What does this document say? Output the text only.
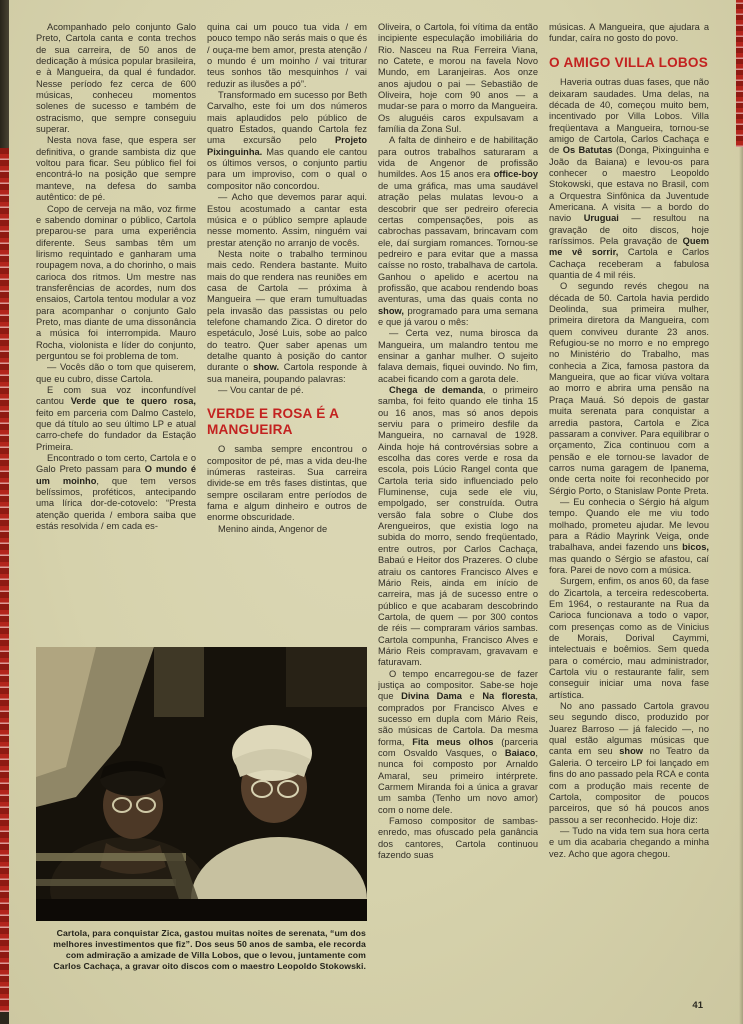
Acompanhado pelo conjunto Galo Preto, Cartola canta e conta trechos de sua carreira, de 50 anos de dedicação à música popular brasileira, e à Mangueira, da qual é fundador. Nesse período fez cerca de 600 músicas, conheceu momentos solenes de sucesso e também de ostracismo, que sempre conseguiu superar.

Nesta nova fase, que espera ser definitiva, o grande sambista diz que voltou para ficar. Seu público fiel foi encontrá-lo na posição que sempre manteve, na defesa do samba autêntico: de pé.

Copo de cerveja na mão, voz firme e sabendo dominar o público, Cartola preparou-se para uma experiência diferente. Seus sambas têm um lirismo requintado e ganharam uma roupagem nova, a do chorinho, o mais carioca dos ritmos. Um mestre nas transferências de acordes, num dos ensaios, Cartola tentou modular a voz para acompanhar o conjunto Galo Preto, mas diante de uma dissonância a música foi interrompida. Mauro Rocha, violonista e líder do conjunto, perguntou se foi problema de tom.

— Vocês dão o tom que quiserem, que eu cubro, disse Cartola.

E com sua voz inconfundível cantou Verde que te quero rosa, feito em parceria com Dalmo Castelo, que dá título ao seu último LP e atual carro-chefe do fundador da Estação Primeira.

Encontrado o tom certo, Cartola e o Galo Preto passam para O mundo é um moinho, que tem versos belíssimos, proféticos, antecipando uma lírica dor-de-cotovelo: “Presta atenção querida / embora saiba que estás resolvida / em cada es-

quina cai um pouco tua vida / em pouco tempo não serás mais o que és / ouça-me bem amor, presta atenção / o mundo é um moinho / vai triturar teus sonhos tão mesquinhos / vai reduzir as ilusões a pó”.

Transformado em sucesso por Beth Carvalho, este foi um dos números mais aplaudidos pelo público de quatro Estados, quando Cartola fez uma excursão pelo Projeto Pixinguinha. Mas quando ele cantou os últimos versos, o conjunto partiu para um improviso, com o qual o compositor não concordou.

— Acho que devemos parar aqui. Estou acostumado a cantar esta música e o público sempre aplaude nesse momento. Assim, ninguém vai prestar atenção no arranjo de vocês.

Nesta noite o trabalho terminou mais cedo. Rendera bastante. Muito mais do que rendera nas reuniões em casa de Cartola — próxima à Mangueira — que eram tumultuadas pela invasão das passistas ou pelo telefone chamando Zica. O diretor do espetáculo, José Luis, sobe ao palco do teatro. Quer saber apenas um detalhe quanto à posição do cantor durante o show. Cartola responde à sua maneira, poupando palavras:

— Vou cantar de pé.

VERDE E ROSA É A MANGUEIRA

O samba sempre encontrou o compositor de pé, mas a vida deu-lhe inúmeras rasteiras. Sua carreira divide-se em três fases distintas, que sempre oscilaram entre períodos de fama e algum dinheiro e outros de enorme obscuridade.

Menino ainda, Angenor de

Cartola, para conquistar Zica, gastou muitas noites de serenata, “um dos melhores investimentos que fiz”. Dos seus 50 anos de samba, ele recorda com admiração a amizade de Villa Lobos, que o levou, juntamente com Carlos Cachaça, a gravar oito discos com o maestro Leopoldo Stokowski.

Oliveira, o Cartola, foi vítima da então incipiente especulação imobiliária do Rio. Nasceu na Rua Ferreira Viana, no Catete, e morou na favela Novo Mundo, em Laranjeiras. Aos onze anos ajudou o pai — Sebastião de Oliveira, hoje com 90 anos — a mudar-se para o morro da Mangueira. Os aluguéis caros expulsavam a família da Zona Sul.

A falta de dinheiro e de habilitação para outros trabalhos saturaram a vida de Angenor de profissão humildes. Aos 15 anos era office-boy de uma gráfica, mas uma saudável atração pelas mulatas levou-o a descobrir que ser pedreiro oferecia certas compensações, pois as cabrochas passavam, brincavam com ele, daí surgiam romances. Tornou-se pedreiro e para evitar que a massa caísse no rosto, trabalhava de cartola. Ganhou o apelido e acertou na profissão, que acabou rendendo boas aventuras, uma das quais conta no show, programado para uma semana e que já varou o mês:

— Certa vez, numa birosca da Mangueira, um malandro tentou me ensinar a ganhar mulher. O sujeito falava demais, fiquei ouvindo. No fim, acabei ficando com a garota dele.

Chega de demanda, o primeiro samba, foi feito quando ele tinha 15 ou 16 anos, mas só anos depois serviu para o primeiro desfile da Mangueira, no carnaval de 1928. Ainda hoje há controvérsias sobre a escolha das cores verde e rosa da escola, pois Lúcio Rangel conta que Cartola teria sido influenciado pelo Fluminense, cuja sede ele viu, empolgado, ser construída. Outra versão fala sobre o Clube dos Arengueiros, que existia logo na subida do morro, sendo freqüentado, entre outros, por Carlos Cachaça, Babaú e Heitor dos Prazeres. O clube atraiu os cantores Francisco Alves e Mário Reis, ainda em início de carreira, mas já de sucesso entre o público e que acabaram descobrindo Cartola, de quem — por 300 contos de réis — compraram vários sambas. Cartola compunha, Francisco Alves e Mário Reis compravam, gravavam e faturavam.

O tempo encarregou-se de fazer justiça ao compositor. Sabe-se hoje que Divina Dama e Na floresta, comprados por Francisco Alves e sucesso em dupla com Mário Reis, são músicas de Cartola. Da mesma forma, Fita meus olhos (parceria com Osvaldo Vasques, o Baiaco, nunca foi composto por Arnaldo Amaral, seu primeiro intérprete. Carmem Miranda foi a única a gravar um samba (Tenho um novo amor) com o nome dele.

Famoso compositor de sambas-enredo, mas ofuscado pela ganância dos cantores, Cartola continuou fazendo suas

músicas. A Mangueira, que ajudara a fundar, caíra no gosto do povo.

O AMIGO VILLA LOBOS

Haveria outras duas fases, que não deixaram saudades. Uma delas, na década de 40, começou muito bem, incentivado por Villa Lobos. Villa freqüentava a Mangueira, tornou-se amigo de Cartola, Carlos Cachaça e de Os Batutas (Donga, Pixinguinha e João da Baiana) e levou-os para conhecer o maestro Leopoldo Stokowski, que estava no Brasil, com a Orquestra Sinfônica da Juventude Americana. A visita — a bordo do navio Uruguai — resultou na gravação de oito discos, hoje raríssimos. Pela gravação de Quem me vê sorrir, Cartola e Carlos Cachaça receberam a fabulosa quantia de 4 mil réis.

O segundo revés chegou na década de 50. Cartola havia perdido Deolinda, sua primeira mulher, primeira diretora da Mangueira, com quem conviveu durante 23 anos. Refugiou-se no morro e no emprego no Ministério do Trabalho, mas conhecia a Zica, famosa pastora da Mangueira, que ao ficar viúva voltara ao morro e abrira uma pensão na Praça Mauá. Só depois de gastar muita serenata para conquistar a arredia pastora, Cartola e Zica passaram a conviver. Para equilibrar o orçamento, Zica continuou com a pensão e ele tornou-se lavador de carros numa garagem de Ipanema, onde certa noite foi reconhecido por Sérgio Porto, o Stanislaw Ponte Preta.

— Eu conhecia o Sérgio há algum tempo. Quando ele me viu todo molhado, prometeu ajudar. Me levou para a Rádio Mayrink Veiga, onde trabalhava, andei fazendo uns bicos, mas quando o Sérgio se afastou, caí fora. Parei de novo com a música.

Surgem, enfim, os anos 60, da fase do Zicartola, a terceira redescoberta. Em 1964, o restaurante na Rua da Carioca funcionava a todo o vapor, com presenças como as de Vinicius de Morais, Dorival Caymmi, intelectuais e boêmios. Sem queda para o comércio, mau administrador, Cartola viu o restaurante falir, sem conseguir iniciar uma nova fase artística.

No ano passado Cartola gravou seu segundo disco, produzido por Juarez Barroso — já falecido —, no qual estão algumas músicas que canta em seu show no Teatro da Galeria. O terceiro LP foi lançado em fins do ano passado pela RCA e conta com a produção mais recente de Cartola, compositor de poucos parceiros, que só há poucos anos passou a ser reconhecido. Hoje diz:

— Tudo na vida tem sua hora certa e um dia acabaria chegando a minha vez. Acho que agora chegou.

41
